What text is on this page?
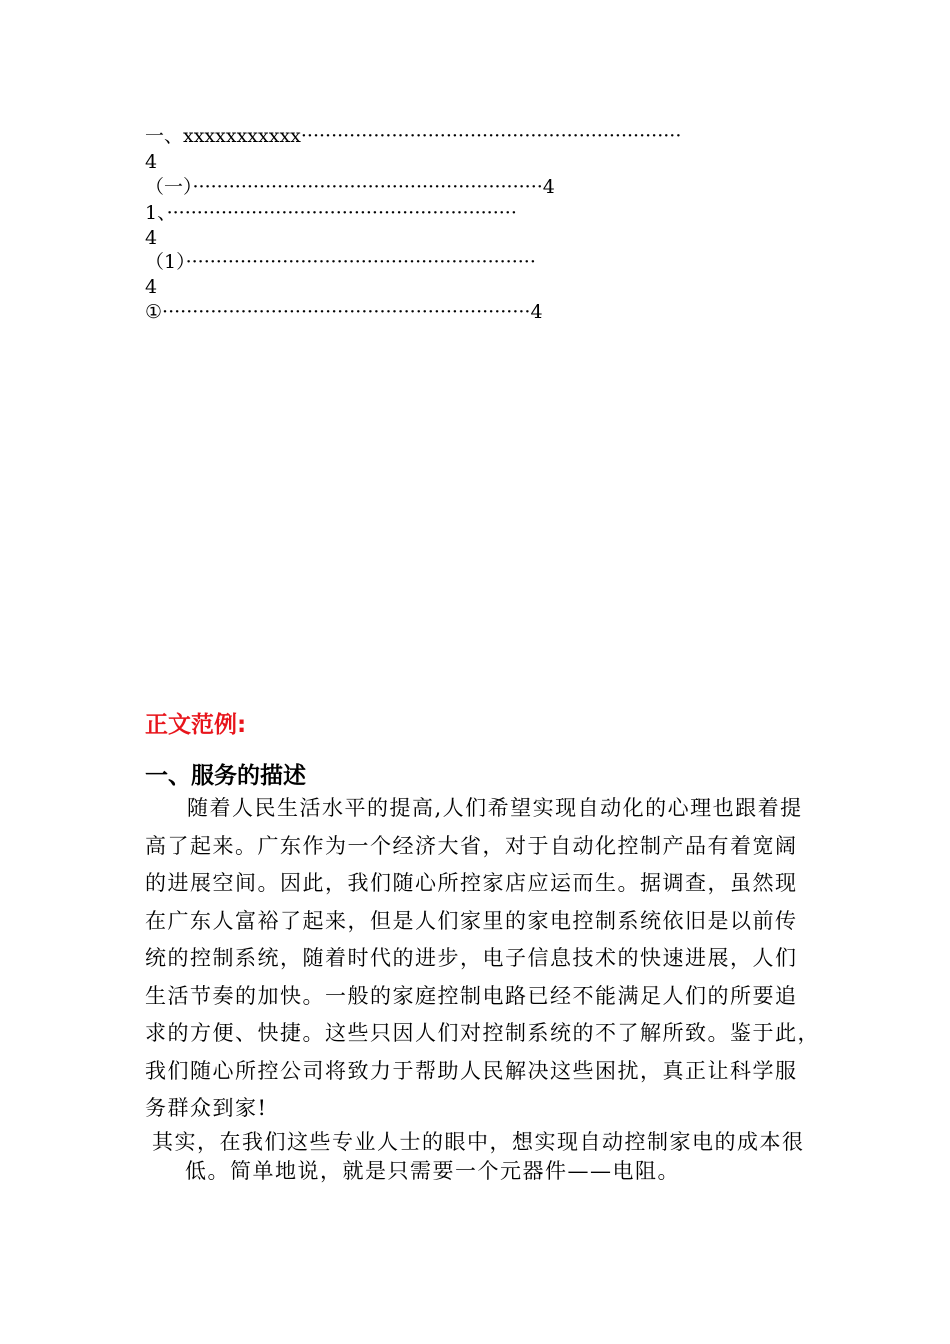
一、xxxxxxxxxxx·······························································
4
（一）··························································4
1、··························································
4
（1）··························································
4
①·····························································4
正文范例:
一、服务的描述
随着人民生活水平的提高,人们希望实现自动化的心理也跟着提
高了起来。广东作为一个经济大省，对于自动化控制产品有着宽阔
的进展空间。因此，我们随心所控家店应运而生。据调查，虽然现
在广东人富裕了起来，但是人们家里的家电控制系统依旧是以前传
统的控制系统，随着时代的进步，电子信息技术的快速进展，人们
生活节奏的加快。一般的家庭控制电路已经不能满足人们的所要追
求的方便、快捷。这些只因人们对控制系统的不了解所致。鉴于此，
我们随心所控公司将致力于帮助人民解决这些困扰，真正让科学服
务群众到家!
其实，在我们这些专业人士的眼中，想实现自动控制家电的成本很
低。简单地说，就是只需要一个元器件——电阻。
